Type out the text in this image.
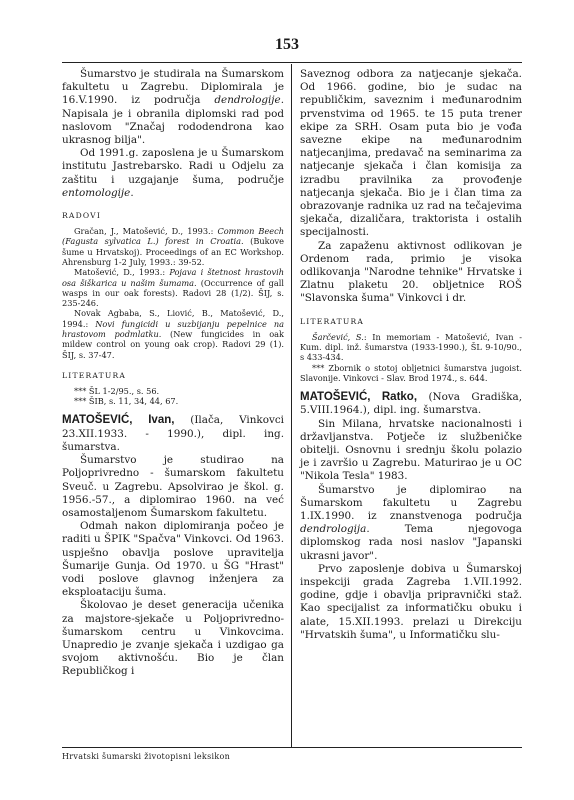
153

Šumarstvo je studirala na Šumarskom fakultetu u Zagrebu. Diplomirala je 16.V.1990. iz područja dendrologije. Napisala je i obranila diplomski rad pod naslovom "Značaj rododendrona kao ukrasnog bilja".

Od 1991.g. zaposlena je u Šumarskom institutu Jastrebarsko. Radi u Odjelu za zaštitu i uzgajanje šuma, područje entomologije.

RADOVI

Gračan, J., Matošević, D., 1993.: Common Beech (Fagusta sylvatica L.) forest in Croatia. (Bukove šume u Hrvatskoj). Proceedings of an EC Workshop. Ahrensburg 1-2 July, 1993.: 39-52.

Matošević, D., 1993.: Pojava i štetnost hrastovih osa šiškarica u našim šumama. (Occurrence of gall wasps in our oak forests). Radovi 28 (1/2). ŠIJ, s. 235-246.

Novak Agbaba, S., Liović, B., Matošević, D., 1994.: Novi fungicidi u suzbijanju pepelnice na hrastovom podmlatku. (New fungicides in oak mildew control on young oak crop). Radovi 29 (1). ŠIJ, s. 37-47.

LITERATURA

*** ŠL 1-2/95., s. 56.

*** ŠIB, s. 11, 34, 44, 67.

MATOŠEVIĆ, Ivan, (Ilača, Vinkovci 23.XII.1933. - 1990.), dipl. ing. šumarstva.

Šumarstvo je studirao na Poljoprivredno - šumarskom fakultetu Sveuč. u Zagrebu. Apsolvirao je škol. g. 1956.-57., a diplomirao 1960. na već osamostaljenom Šumarskom fakultetu.

Odmah nakon diplomiranja počeo je raditi u ŠPIK "Spačva" Vinkovci. Od 1963. uspješno obavlja poslove upravitelja Šumarije Gunja. Od 1970. u ŠG "Hrast" vodi poslove glavnog inženjera za eksploataciju šuma.

Školovao je deset generacija učenika za majstore-sjekače u Poljoprivredno-šumarskom centru u Vinkovcima. Unapredio je zvanje sjekača i uzdigao ga svojom aktivnošću. Bio je član Republičkog i

Saveznog odbora za natjecanje sjekača. Od 1966. godine, bio je sudac na republičkim, saveznim i međunarodnim prvenstvima od 1965. te 15 puta trener ekipe za SRH. Osam puta bio je vođa savezne ekipe na međunarodnim natjecanjima, predavač na seminarima za natjecanje sjekača i član komisija za izradbu pravilnika za provođenje natjecanja sjekača. Bio je i član tima za obrazovanje radnika uz rad na tečajevima sjekača, dizaličara, traktorista i ostalih specijalnosti.

Za zapaženu aktivnost odlikovan je Ordenom rada, primio je visoka odlikovanja "Narodne tehnike" Hrvatske i Zlatnu plaketu 20. obljetnice ROŠ "Slavonska šuma" Vinkovci i dr.

LITERATURA

Šarčević, S.: In memoriam - Matošević, Ivan - Kum. dipl. inž. šumarstva (1933-1990.), ŠL 9-10/90., s 433-434.

*** Zbornik o stotoj obljetnici šumarstva jugoist. Slavonije. Vinkovci - Slav. Brod 1974., s. 644.

MATOŠEVIĆ, Ratko, (Nova Gradiška, 5.VIII.1964.), dipl. ing. šumarstva.

Sin Milana, hrvatske nacionalnosti i državljanstva. Potječe iz službeničke obitelji. Osnovnu i srednju školu polazio je i završio u Zagrebu. Maturirao je u OC "Nikola Tesla" 1983.

Šumarstvo je diplomirao na Šumarskom fakultetu u Zagrebu 1.IX.1990. iz znanstvenoga područja dendrologija. Tema njegovoga diplomskog rada nosi naslov "Japanski ukrasni javor".

Prvo zaposlenje dobiva u Šumarskoj inspekciji grada Zagreba 1.VII.1992. godine, gdje i obavlja pripravnički staž. Kao specijalist za informatičku obuku i alate, 15.XII.1993. prelazi u Direkciju "Hrvatskih šuma", u Informatičku slu-

Hrvatski šumarski životopisni leksikon
